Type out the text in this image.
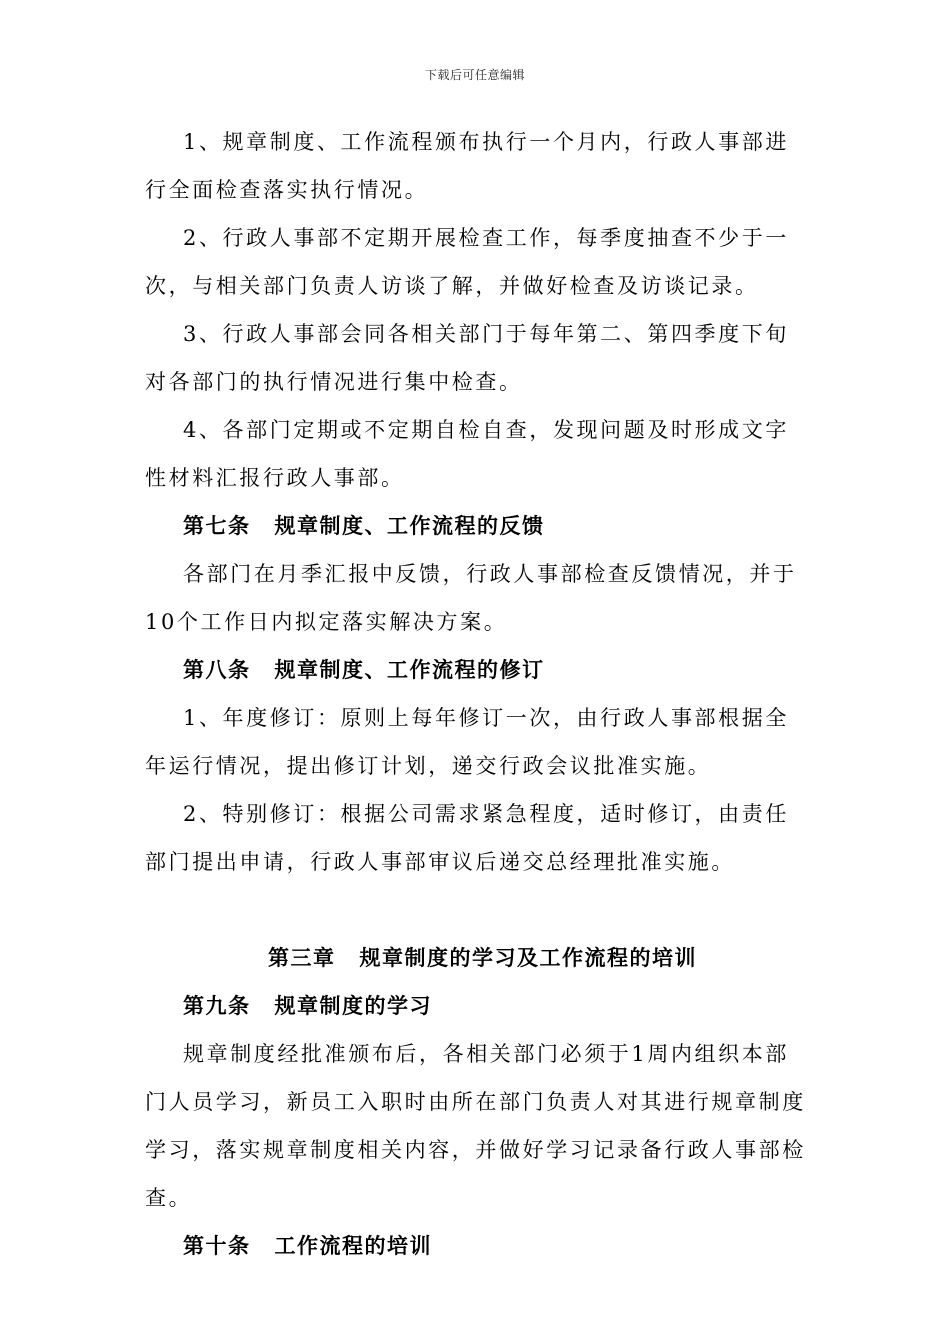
下载后可任意编辑

1、规章制度、工作流程颁布执行一个月内，行政人事部进行全面检查落实执行情况。

2、行政人事部不定期开展检查工作，每季度抽查不少于一次，与相关部门负责人访谈了解，并做好检查及访谈记录。

3、行政人事部会同各相关部门于每年第二、第四季度下旬对各部门的执行情况进行集中检查。

4、各部门定期或不定期自检自查，发现问题及时形成文字性材料汇报行政人事部。

第七条 规章制度、工作流程的反馈

各部门在月季汇报中反馈，行政人事部检查反馈情况，并于10个工作日内拟定落实解决方案。

第八条 规章制度、工作流程的修订

1、年度修订：原则上每年修订一次，由行政人事部根据全年运行情况，提出修订计划，递交行政会议批准实施。

2、特别修订：根据公司需求紧急程度，适时修订，由责任部门提出申请，行政人事部审议后递交总经理批准实施。

第三章 规章制度的学习及工作流程的培训

第九条 规章制度的学习

规章制度经批准颁布后，各相关部门必须于1周内组织本部门人员学习，新员工入职时由所在部门负责人对其进行规章制度学习，落实规章制度相关内容，并做好学习记录备行政人事部检查。

第十条 工作流程的培训
